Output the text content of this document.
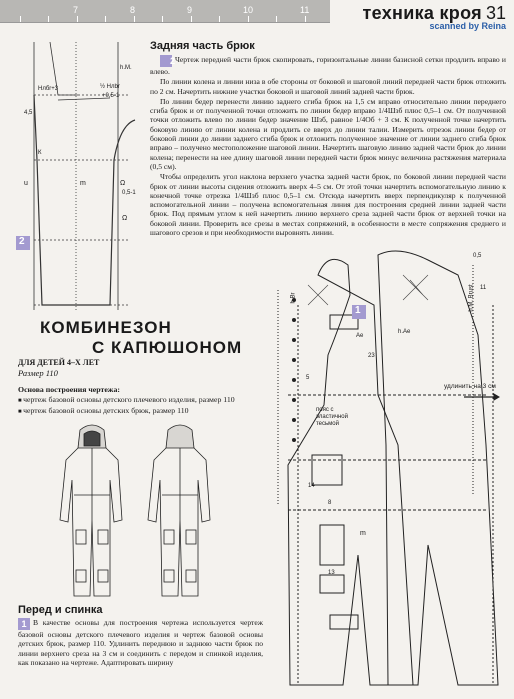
7	8	9	10	11	техника кроя 31
scanned by Reina
2
Нлбr+3	½ Нлbr
+0,5-1
h.M.
К
u	m	Ω
4,5
0,5-1
Ω
Задняя часть брюк

2Чертеж передней части брюк скопировать, горизонтальные линии базисной сетки продлить вправо и влево.

По линии колена и линии низа в обе стороны от боковой и шаговой линий передней части брюк отложить по 2 см. Начертить нижние участки боковой и шаговой линий задней части брюк.

По линии бедер перенести линию заднего сгиба брюк на 1,5 см вправо относительно линии переднего сгиба брюк и от полученной точки отложить по линии бедер вправо 1/4Шзб плюс 0,5–1 см. От полученной точки отложить влево по линии бедер значение Шзб, равное 1/4Об + 3 см. К полученной точке начертить боковую линию от линии колена и продлить се вверх до линии талии. Измерить отрезок линии бедер от боковой линии до линии заднего сгиба брюк и отложить полученное значение от линии заднего сгиба брюк вправо – получено местоположение шаговой линии. Начертить шаговую линию задней части брюк до линии колена; перенести на нее длину шаговой линии передней части брюк минус величина растяжения материала (0,5 см).

Чтобы определить угол наклона верхнего участка задней части брюк, по боковой линии передней части брюк от линии высоты сидения отложить вверх 4–5 см. От этой точки начертить вспомогательную линию к конечной точке отрезка 1/4Шзб плюс 0,5–1 см. Отсюда начертить вверх перпендикуляр к полученной вспомогательной линии – получена вспомогательная линия для построения средней линии задней части брюк. Под прямым углом к ней начертить линию верхнего среза задней части брюк от верхней точки на боковой линии. Проверить все срезы в местах сопряжений, в особенности в месте сопряжения среднего и шагового срезов и при необходимости выровнять линии.

КОМБИНЕЗОН
С КАПЮШОНОМ
ДЛЯ ДЕТЕЙ 4–Х ЛЕТ
Размер 110
Основа построения чертежа:
■ чертеж базовой основы детского плечевого изделия, размер 110
■ чертеж базовой основы детских брюк, размер 110
Перед и спинка

1 В качестве основы для построения чертежа используется чертеж базовой основы детского плечевого изделия и чертеж базовой основы детских брюк, размер 110. Удлинить переднюю и заднюю части брюк по линии верхнего среза на 3 см и соединить с передом и спинкой изделия, как показано на чертеже. Адаптировать ширину

1
Ае
h.Ae
h.Br	h.M. Вrust
0,5
11
23
5
14
8
13
m
пояс с эластичной тесьмой
удлинить на 3 см
